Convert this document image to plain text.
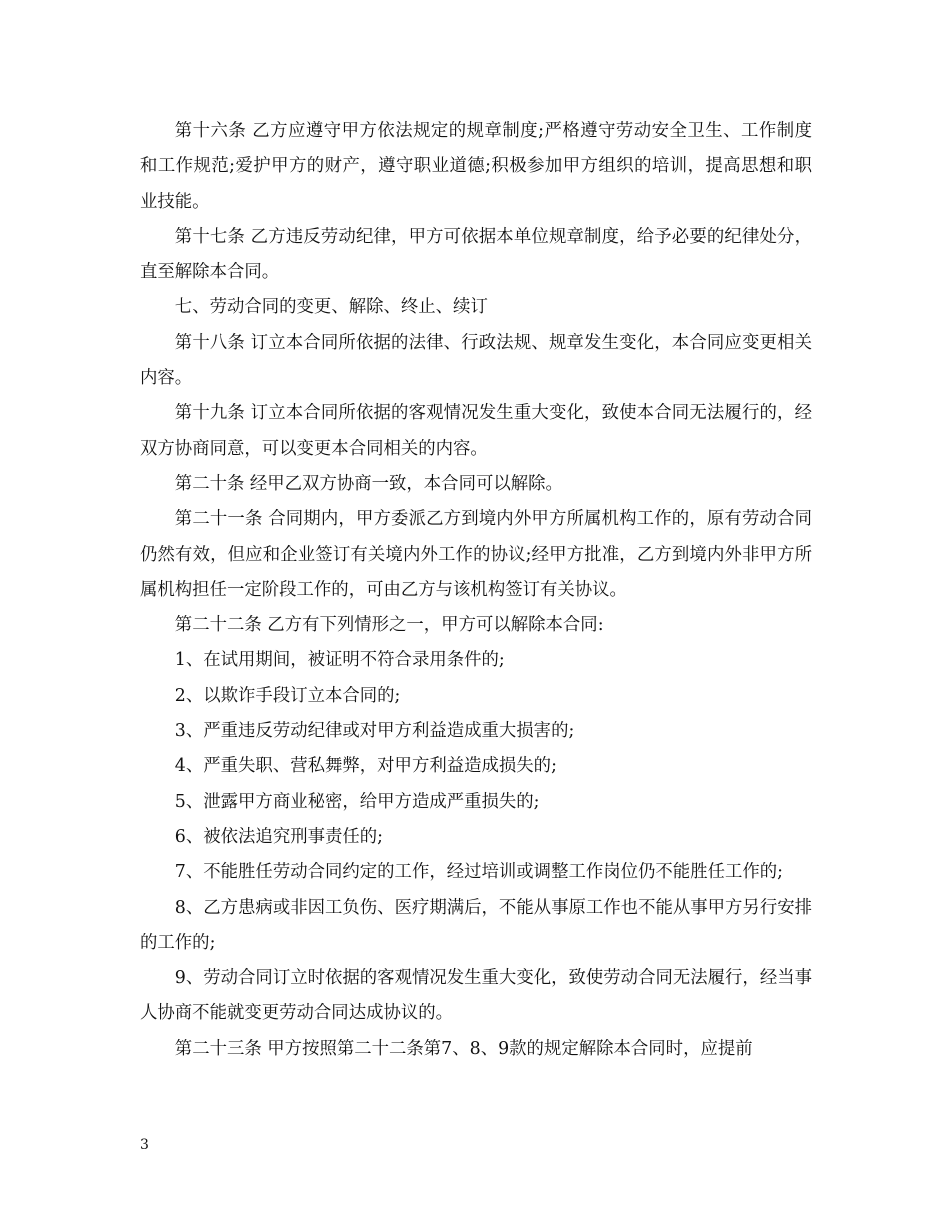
第十六条 乙方应遵守甲方依法规定的规章制度;严格遵守劳动安全卫生、工作制度和工作规范;爱护甲方的财产，遵守职业道德;积极参加甲方组织的培训，提高思想和职业技能。

第十七条 乙方违反劳动纪律，甲方可依据本单位规章制度，给予必要的纪律处分，直至解除本合同。

七、劳动合同的变更、解除、终止、续订

第十八条 订立本合同所依据的法律、行政法规、规章发生变化，本合同应变更相关内容。

第十九条 订立本合同所依据的客观情况发生重大变化，致使本合同无法履行的，经双方协商同意，可以变更本合同相关的内容。

第二十条 经甲乙双方协商一致，本合同可以解除。

第二十一条 合同期内，甲方委派乙方到境内外甲方所属机构工作的，原有劳动合同仍然有效，但应和企业签订有关境内外工作的协议;经甲方批准，乙方到境内外非甲方所属机构担任一定阶段工作的，可由乙方与该机构签订有关协议。

第二十二条 乙方有下列情形之一，甲方可以解除本合同:

1、在试用期间，被证明不符合录用条件的;

2、以欺诈手段订立本合同的;

3、严重违反劳动纪律或对甲方利益造成重大损害的;

4、严重失职、营私舞弊，对甲方利益造成损失的;

5、泄露甲方商业秘密，给甲方造成严重损失的;

6、被依法追究刑事责任的;

7、不能胜任劳动合同约定的工作，经过培训或调整工作岗位仍不能胜任工作的;

8、乙方患病或非因工负伤、医疗期满后，不能从事原工作也不能从事甲方另行安排的工作的;

9、劳动合同订立时依据的客观情况发生重大变化，致使劳动合同无法履行，经当事人协商不能就变更劳动合同达成协议的。

第二十三条 甲方按照第二十二条第7、8、9款的规定解除本合同时，应提前

3
